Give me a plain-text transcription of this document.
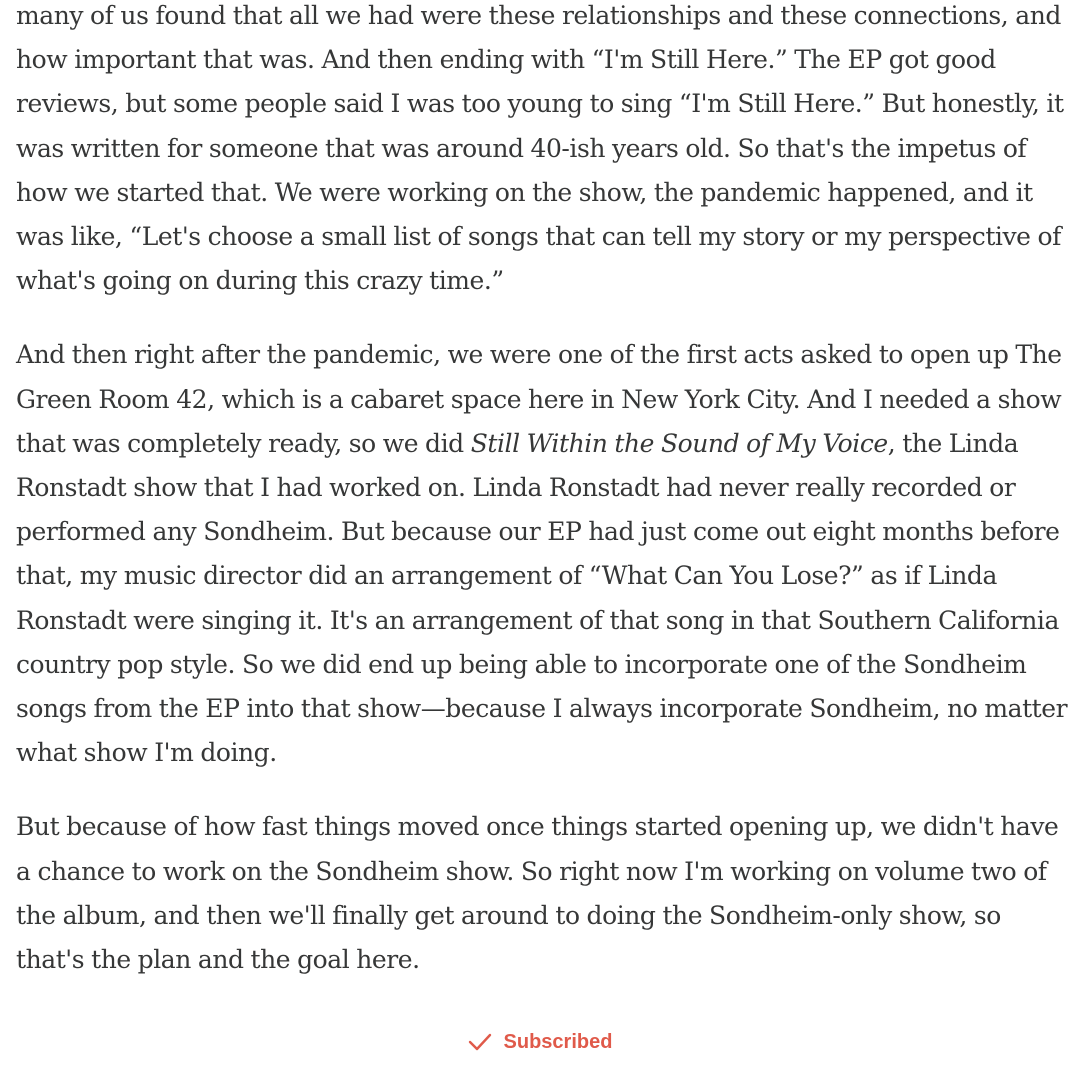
many of us found that all we had were these relationships and these connections, and how important that was. And then ending with “I'm Still Here.” The EP got good reviews, but some people said I was too young to sing “I'm Still Here.” But honestly, it was written for someone that was around 40-ish years old. So that's the impetus of how we started that. We were working on the show, the pandemic happened, and it was like, “Let's choose a small list of songs that can tell my story or my perspective of what's going on during this crazy time.”

And then right after the pandemic, we were one of the first acts asked to open up The Green Room 42, which is a cabaret space here in New York City. And I needed a show that was completely ready, so we did Still Within the Sound of My Voice, the Linda Ronstadt show that I had worked on. Linda Ronstadt had never really recorded or performed any Sondheim. But because our EP had just come out eight months before that, my music director did an arrangement of “What Can You Lose?” as if Linda Ronstadt were singing it. It's an arrangement of that song in that Southern California country pop style. So we did end up being able to incorporate one of the Sondheim songs from the EP into that show—because I always incorporate Sondheim, no matter what show I'm doing.

But because of how fast things moved once things started opening up, we didn't have a chance to work on the Sondheim show. So right now I'm working on volume two of the album, and then we'll finally get around to doing the Sondheim-only show, so that's the plan and the goal here.

Subscribed
